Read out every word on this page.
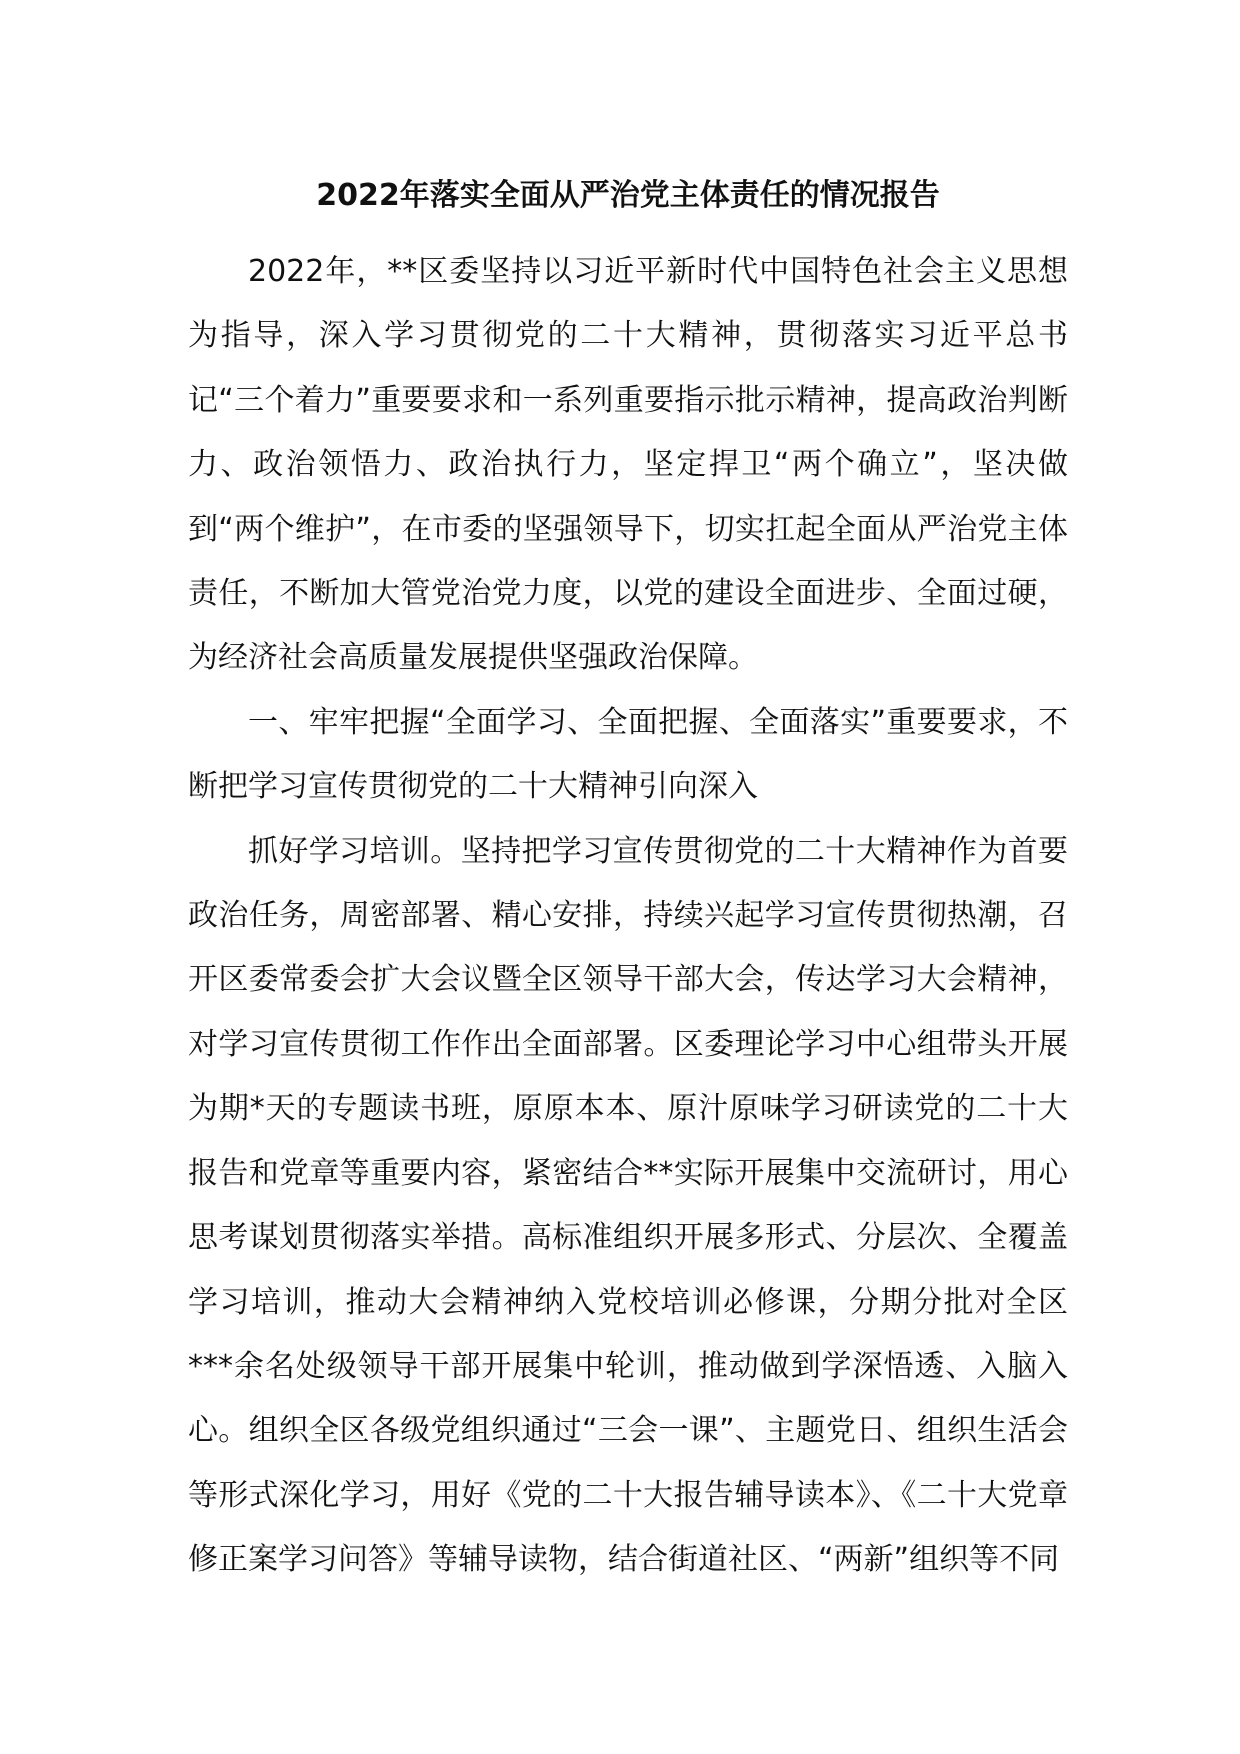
2022年落实全面从严治党主体责任的情况报告

2022年，**区委坚持以习近平新时代中国特色社会主义思想为指导，深入学习贯彻党的二十大精神，贯彻落实习近平总书记“三个着力”重要要求和一系列重要指示批示精神，提高政治判断力、政治领悟力、政治执行力，坚定捍卫“两个确立”，坚决做到“两个维护”，在市委的坚强领导下，切实扛起全面从严治党主体责任，不断加大管党治党力度，以党的建设全面进步、全面过硬，为经济社会高质量发展提供坚强政治保障。

一、牢牢把握“全面学习、全面把握、全面落实”重要要求，不断把学习宣传贯彻党的二十大精神引向深入

抓好学习培训。坚持把学习宣传贯彻党的二十大精神作为首要政治任务，周密部署、精心安排，持续兴起学习宣传贯彻热潮，召开区委常委会扩大会议暨全区领导干部大会，传达学习大会精神，对学习宣传贯彻工作作出全面部署。区委理论学习中心组带头开展为期*天的专题读书班，原原本本、原汁原味学习研读党的二十大报告和党章等重要内容，紧密结合**实际开展集中交流研讨，用心思考谋划贯彻落实举措。高标准组织开展多形式、分层次、全覆盖学习培训，推动大会精神纳入党校培训必修课，分期分批对全区***余名处级领导干部开展集中轮训，推动做到学深悟透、入脑入心。组织全区各级党组织通过“三会一课”、主题党日、组织生活会等形式深化学习，用好《党的二十大报告辅导读本》、《二十大党章修正案学习问答》等辅导读物，结合街道社区、“两新”组织等不同
